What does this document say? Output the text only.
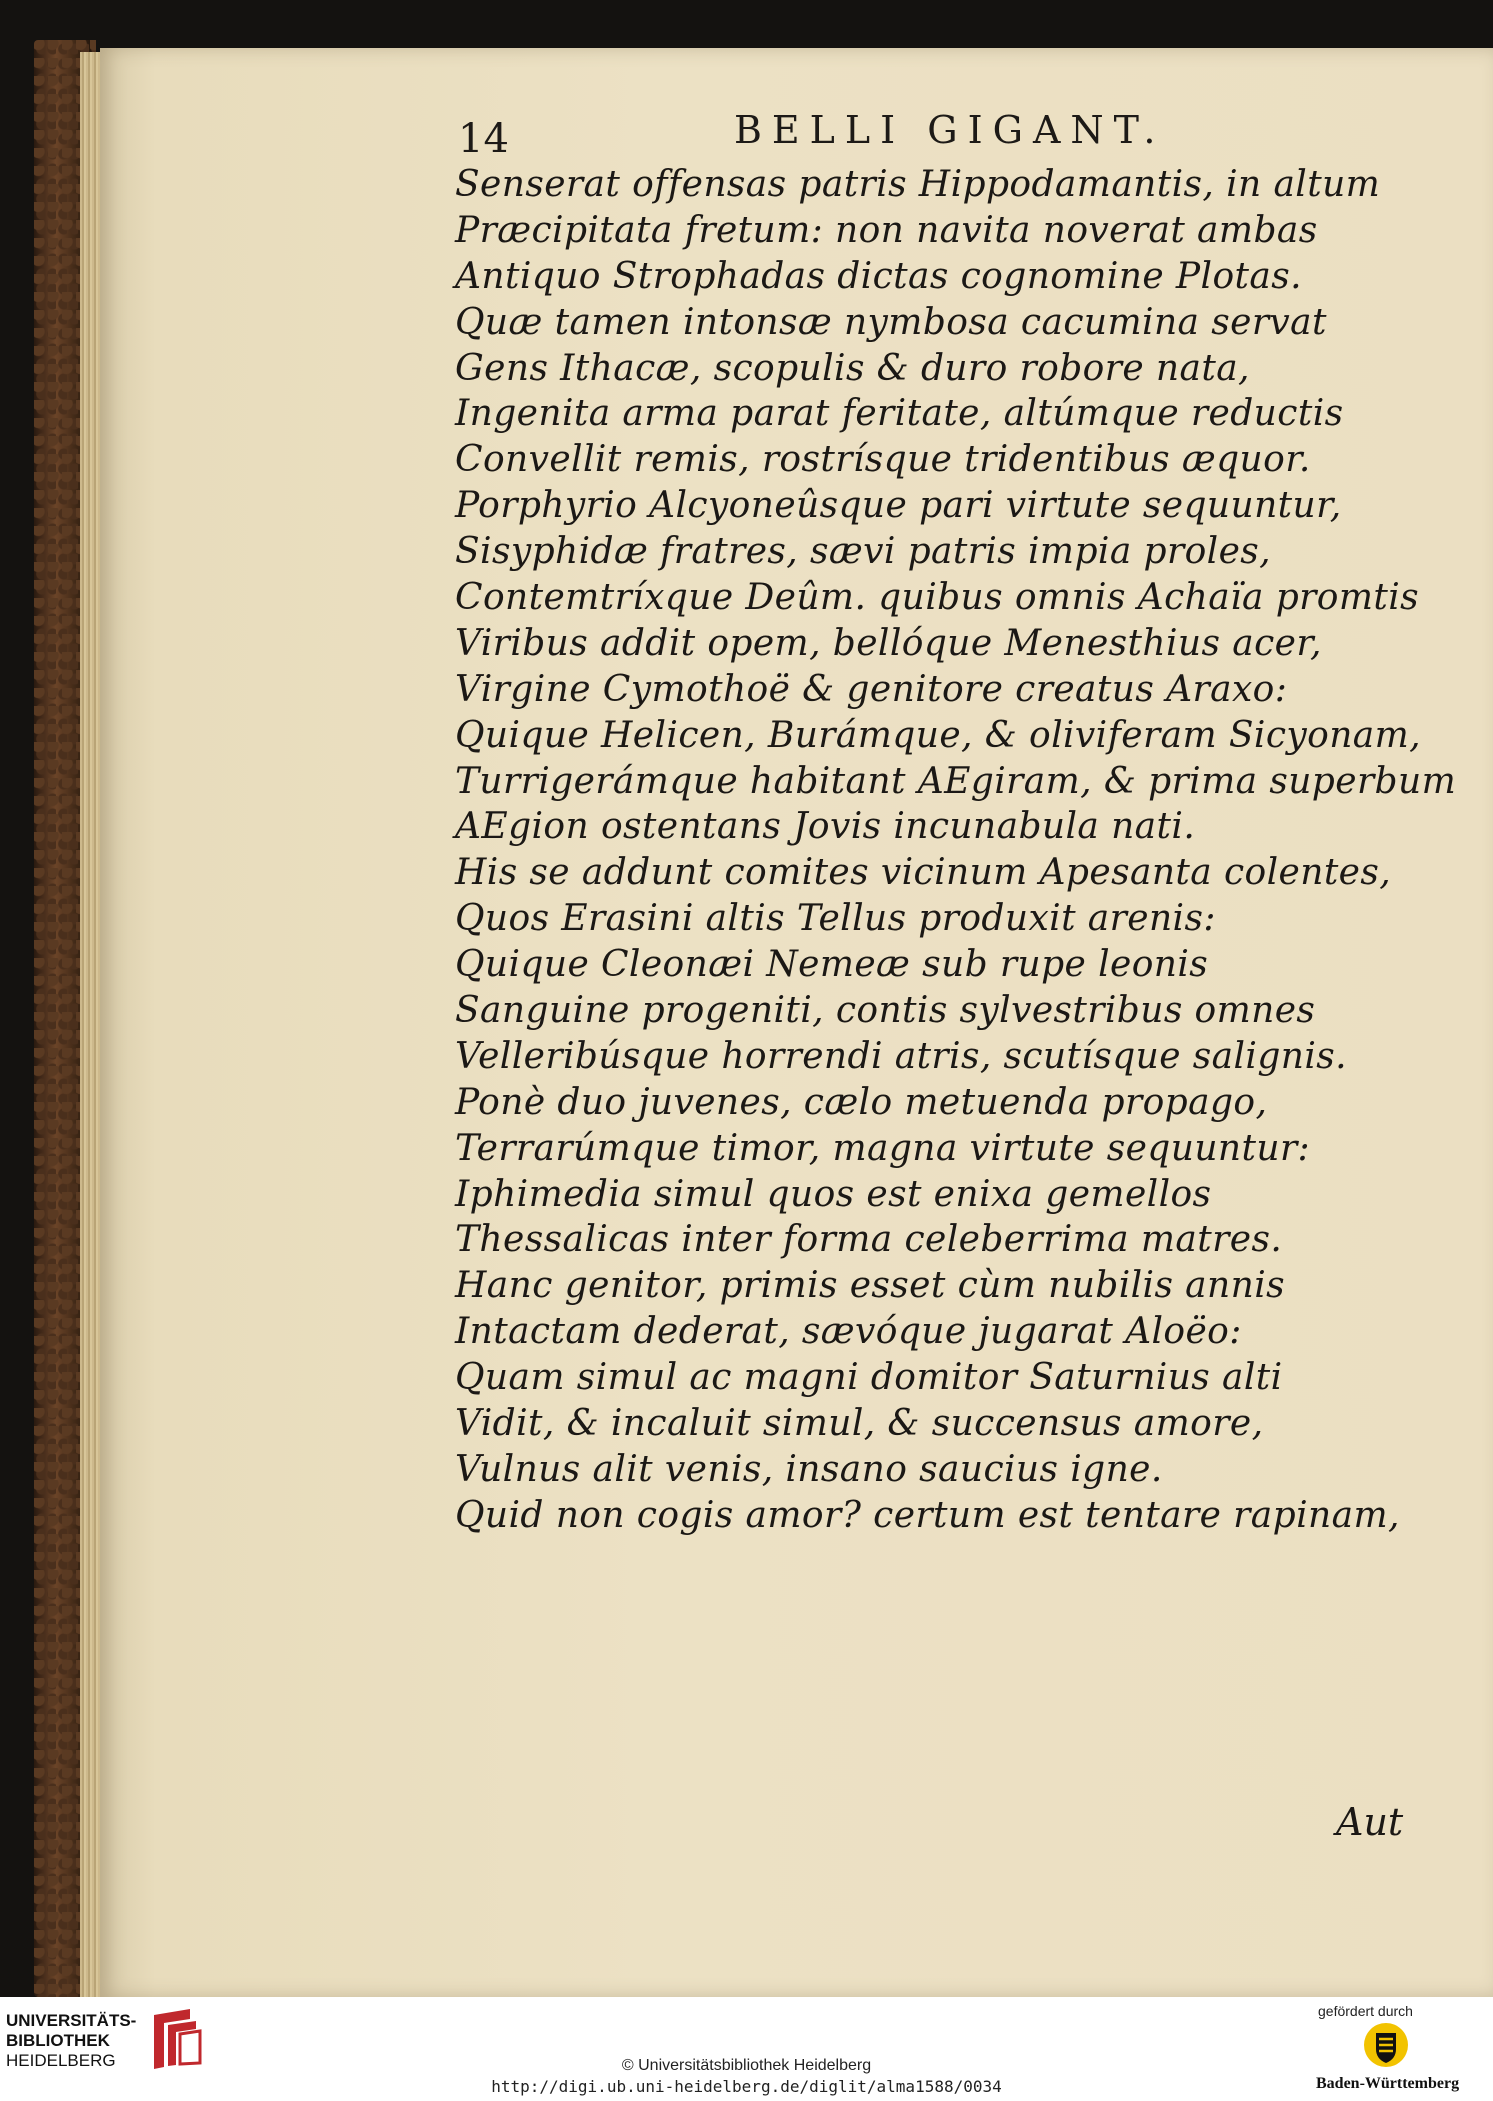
14	BELLI GIGANT.
Senserat offensas patris Hippodamantis, in altum
Præcipitata fretum: non navita noverat ambas
Antiquo Strophadas dictas cognomine Plotas.
Quæ tamen intonsæ nymbosa cacumina servat
Gens Ithacæ, scopulis & duro robore nata,
Ingenita arma parat feritate, altúmque reductis
Convellit remis, rostrísque tridentibus æquor.
Porphyrio Alcyoneûsque pari virtute sequuntur,
Sisyphidæ fratres, sævi patris impia proles,
Contemtríxque Deûm. quibus omnis Achaïa promtis
Viribus addit opem, bellóque Menesthius acer,
Virgine Cymothoë & genitore creatus Araxo:
Quique Helicen, Burámque, & oliviferam Sicyonam,
Turrigerámque habitant AEgiram, & prima superbum
AEgion ostentans Jovis incunabula nati.
His se addunt comites vicinum Apesanta colentes,
Quos Erasini altis Tellus produxit arenis:
Quique Cleonæi Nemeæ sub rupe leonis
Sanguine progeniti, contis sylvestribus omnes
Velleribúsque horrendi atris, scutísque salignis.
Ponè duo juvenes, cælo metuenda propago,
Terrarúmque timor, magna virtute sequuntur:
Iphimedia simul quos est enixa gemellos
Thessalicas inter forma celeberrima matres.
Hanc genitor, primis esset cùm nubilis annis
Intactam dederat, sævóque jugarat Aloëo:
Quam simul ac magni domitor Saturnius alti
Vidit, & incaluit simul, & succensus amore,
Vulnus alit venis, insano saucius igne.
Quid non cogis amor? certum est tentare rapinam,
Aut
UNIVERSITÄTS-
BIBLIOTHEK
HEIDELBERG	© Universitätsbibliothek Heidelberg
http://digi.ub.uni-heidelberg.de/diglit/alma1588/0034
gefördert durch
Baden-Württemberg
